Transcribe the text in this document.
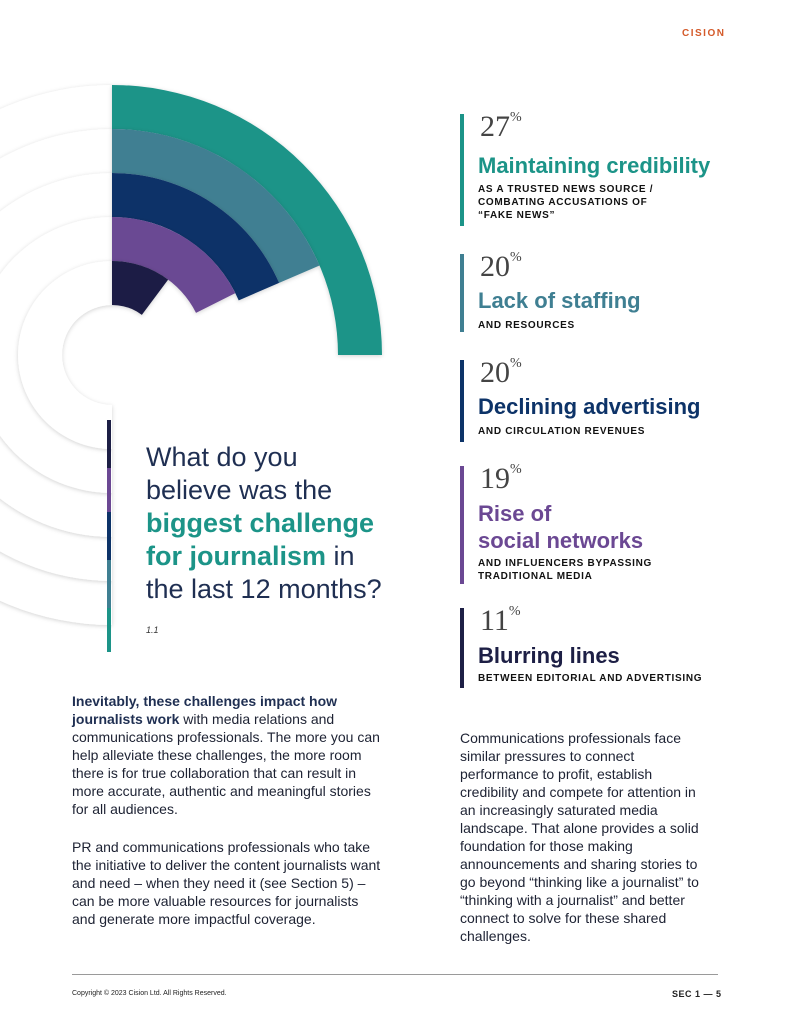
CISION
What do you
believe was the
biggest challenge
for journalism in
the last 12 months?
1.1
27%
Maintaining credibility
AS A TRUSTED NEWS SOURCE /
COMBATING ACCUSATIONS OF
“FAKE NEWS”
20%
Lack of staffing
AND RESOURCES
20%
Declining advertising
AND CIRCULATION REVENUES
19%
Rise of
social networks
AND INFLUENCERS BYPASSING
TRADITIONAL MEDIA
11%
Blurring lines
BETWEEN EDITORIAL AND ADVERTISING
Inevitably, these challenges impact how journalists work with media relations and communications professionals. The more you can help alleviate these challenges, the more room there is for true collaboration that can result in more accurate, authentic and meaningful stories for all audiences.
PR and communications professionals who take the initiative to deliver the content journalists want and need – when they need it (see Section 5) – can be more valuable resources for journalists and generate more impactful coverage.
Communications professionals face similar pressures to connect performance to profit, establish credibility and compete for attention in an increasingly saturated media landscape. That alone provides a solid foundation for those making announcements and sharing stories to go beyond “thinking like a journalist” to “thinking with a journalist” and better connect to solve for these shared challenges.
Copyright © 2023 Cision Ltd. All Rights Reserved.	SEC 1 — 5
